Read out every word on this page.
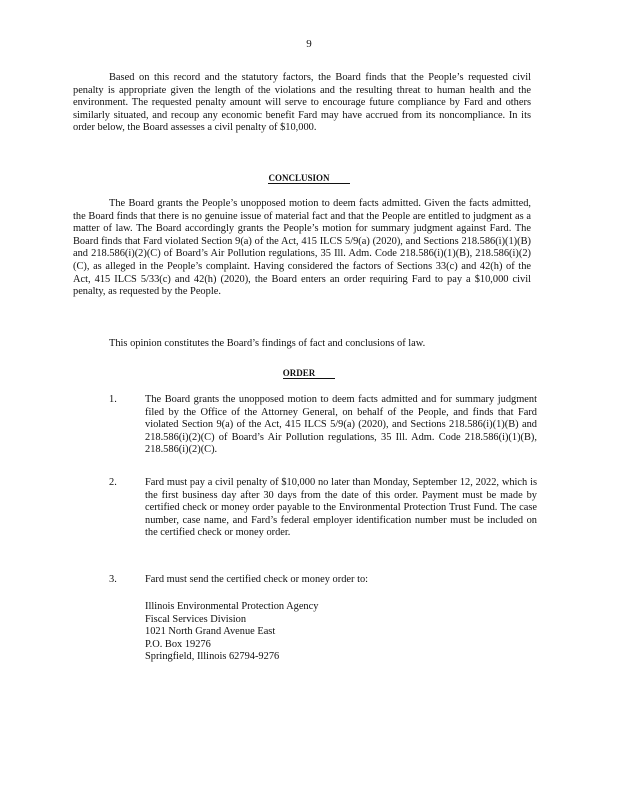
9

Based on this record and the statutory factors, the Board finds that the People’s requested civil penalty is appropriate given the length of the violations and the resulting threat to human health and the environment. The requested penalty amount will serve to encourage future compliance by Fard and others similarly situated, and recoup any economic benefit Fard may have accrued from its noncompliance. In its order below, the Board assesses a civil penalty of $10,000.

CONCLUSION

The Board grants the People’s unopposed motion to deem facts admitted. Given the facts admitted, the Board finds that there is no genuine issue of material fact and that the People are entitled to judgment as a matter of law. The Board accordingly grants the People’s motion for summary judgment against Fard. The Board finds that Fard violated Section 9(a) of the Act, 415 ILCS 5/9(a) (2020), and Sections 218.586(i)(1)(B) and 218.586(i)(2)(C) of Board’s Air Pollution regulations, 35 Ill. Adm. Code 218.586(i)(1)(B), 218.586(i)(2)(C), as alleged in the People’s complaint. Having considered the factors of Sections 33(c) and 42(h) of the Act, 415 ILCS 5/33(c) and 42(h) (2020), the Board enters an order requiring Fard to pay a $10,000 civil penalty, as requested by the People.

This opinion constitutes the Board’s findings of fact and conclusions of law.

ORDER

1.	The Board grants the unopposed motion to deem facts admitted and for summary judgment filed by the Office of the Attorney General, on behalf of the People, and finds that Fard violated Section 9(a) of the Act, 415 ILCS 5/9(a) (2020), and Sections 218.586(i)(1)(B) and 218.586(i)(2)(C) of Board’s Air Pollution regulations, 35 Ill. Adm. Code 218.586(i)(1)(B), 218.586(i)(2)(C).
2.	Fard must pay a civil penalty of $10,000 no later than Monday, September 12, 2022, which is the first business day after 30 days from the date of this order. Payment must be made by certified check or money order payable to the Environmental Protection Trust Fund. The case number, case name, and Fard’s federal employer identification number must be included on the certified check or money order.
3.	Fard must send the certified check or money order to:
Illinois Environmental Protection Agency
Fiscal Services Division
1021 North Grand Avenue East
P.O. Box 19276
Springfield, Illinois 62794-9276
